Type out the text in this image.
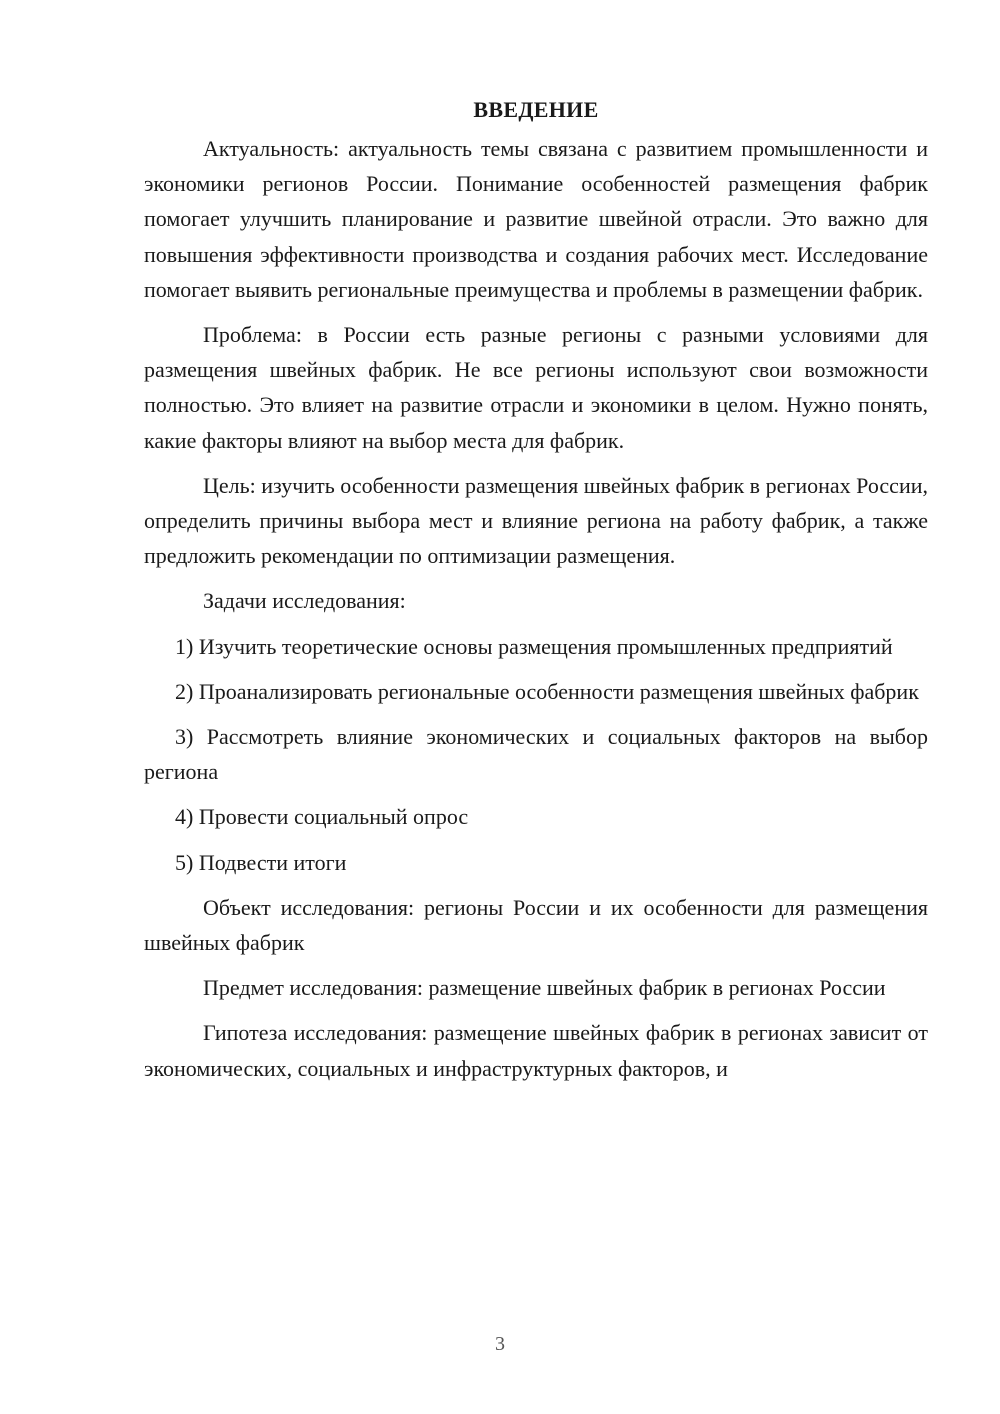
ВВЕДЕНИЕ

Актуальность: актуальность темы связана с развитием промышленности и экономики регионов России. Понимание особенностей размещения фабрик помогает улучшить планирование и развитие швейной отрасли. Это важно для повышения эффективности производства и создания рабочих мест. Исследование помогает выявить региональные преимущества и проблемы в размещении фабрик.

Проблема: в России есть разные регионы с разными условиями для размещения швейных фабрик. Не все регионы используют свои возможности полностью. Это влияет на развитие отрасли и экономики в целом. Нужно понять, какие факторы влияют на выбор места для фабрик.

Цель: изучить особенности размещения швейных фабрик в регионах России, определить причины выбора мест и влияние региона на работу фабрик, а также предложить рекомендации по оптимизации размещения.

Задачи исследования:

1) Изучить теоретические основы размещения промышленных предприятий

2) Проанализировать региональные особенности размещения швейных фабрик

3) Рассмотреть влияние экономических и социальных факторов на выбор региона

4) Провести социальный опрос

5) Подвести итоги

Объект исследования: регионы России и их особенности для размещения швейных фабрик

Предмет исследования: размещение швейных фабрик в регионах России

Гипотеза исследования: размещение швейных фабрик в регионах зависит от экономических, социальных и инфраструктурных факторов, и

3
